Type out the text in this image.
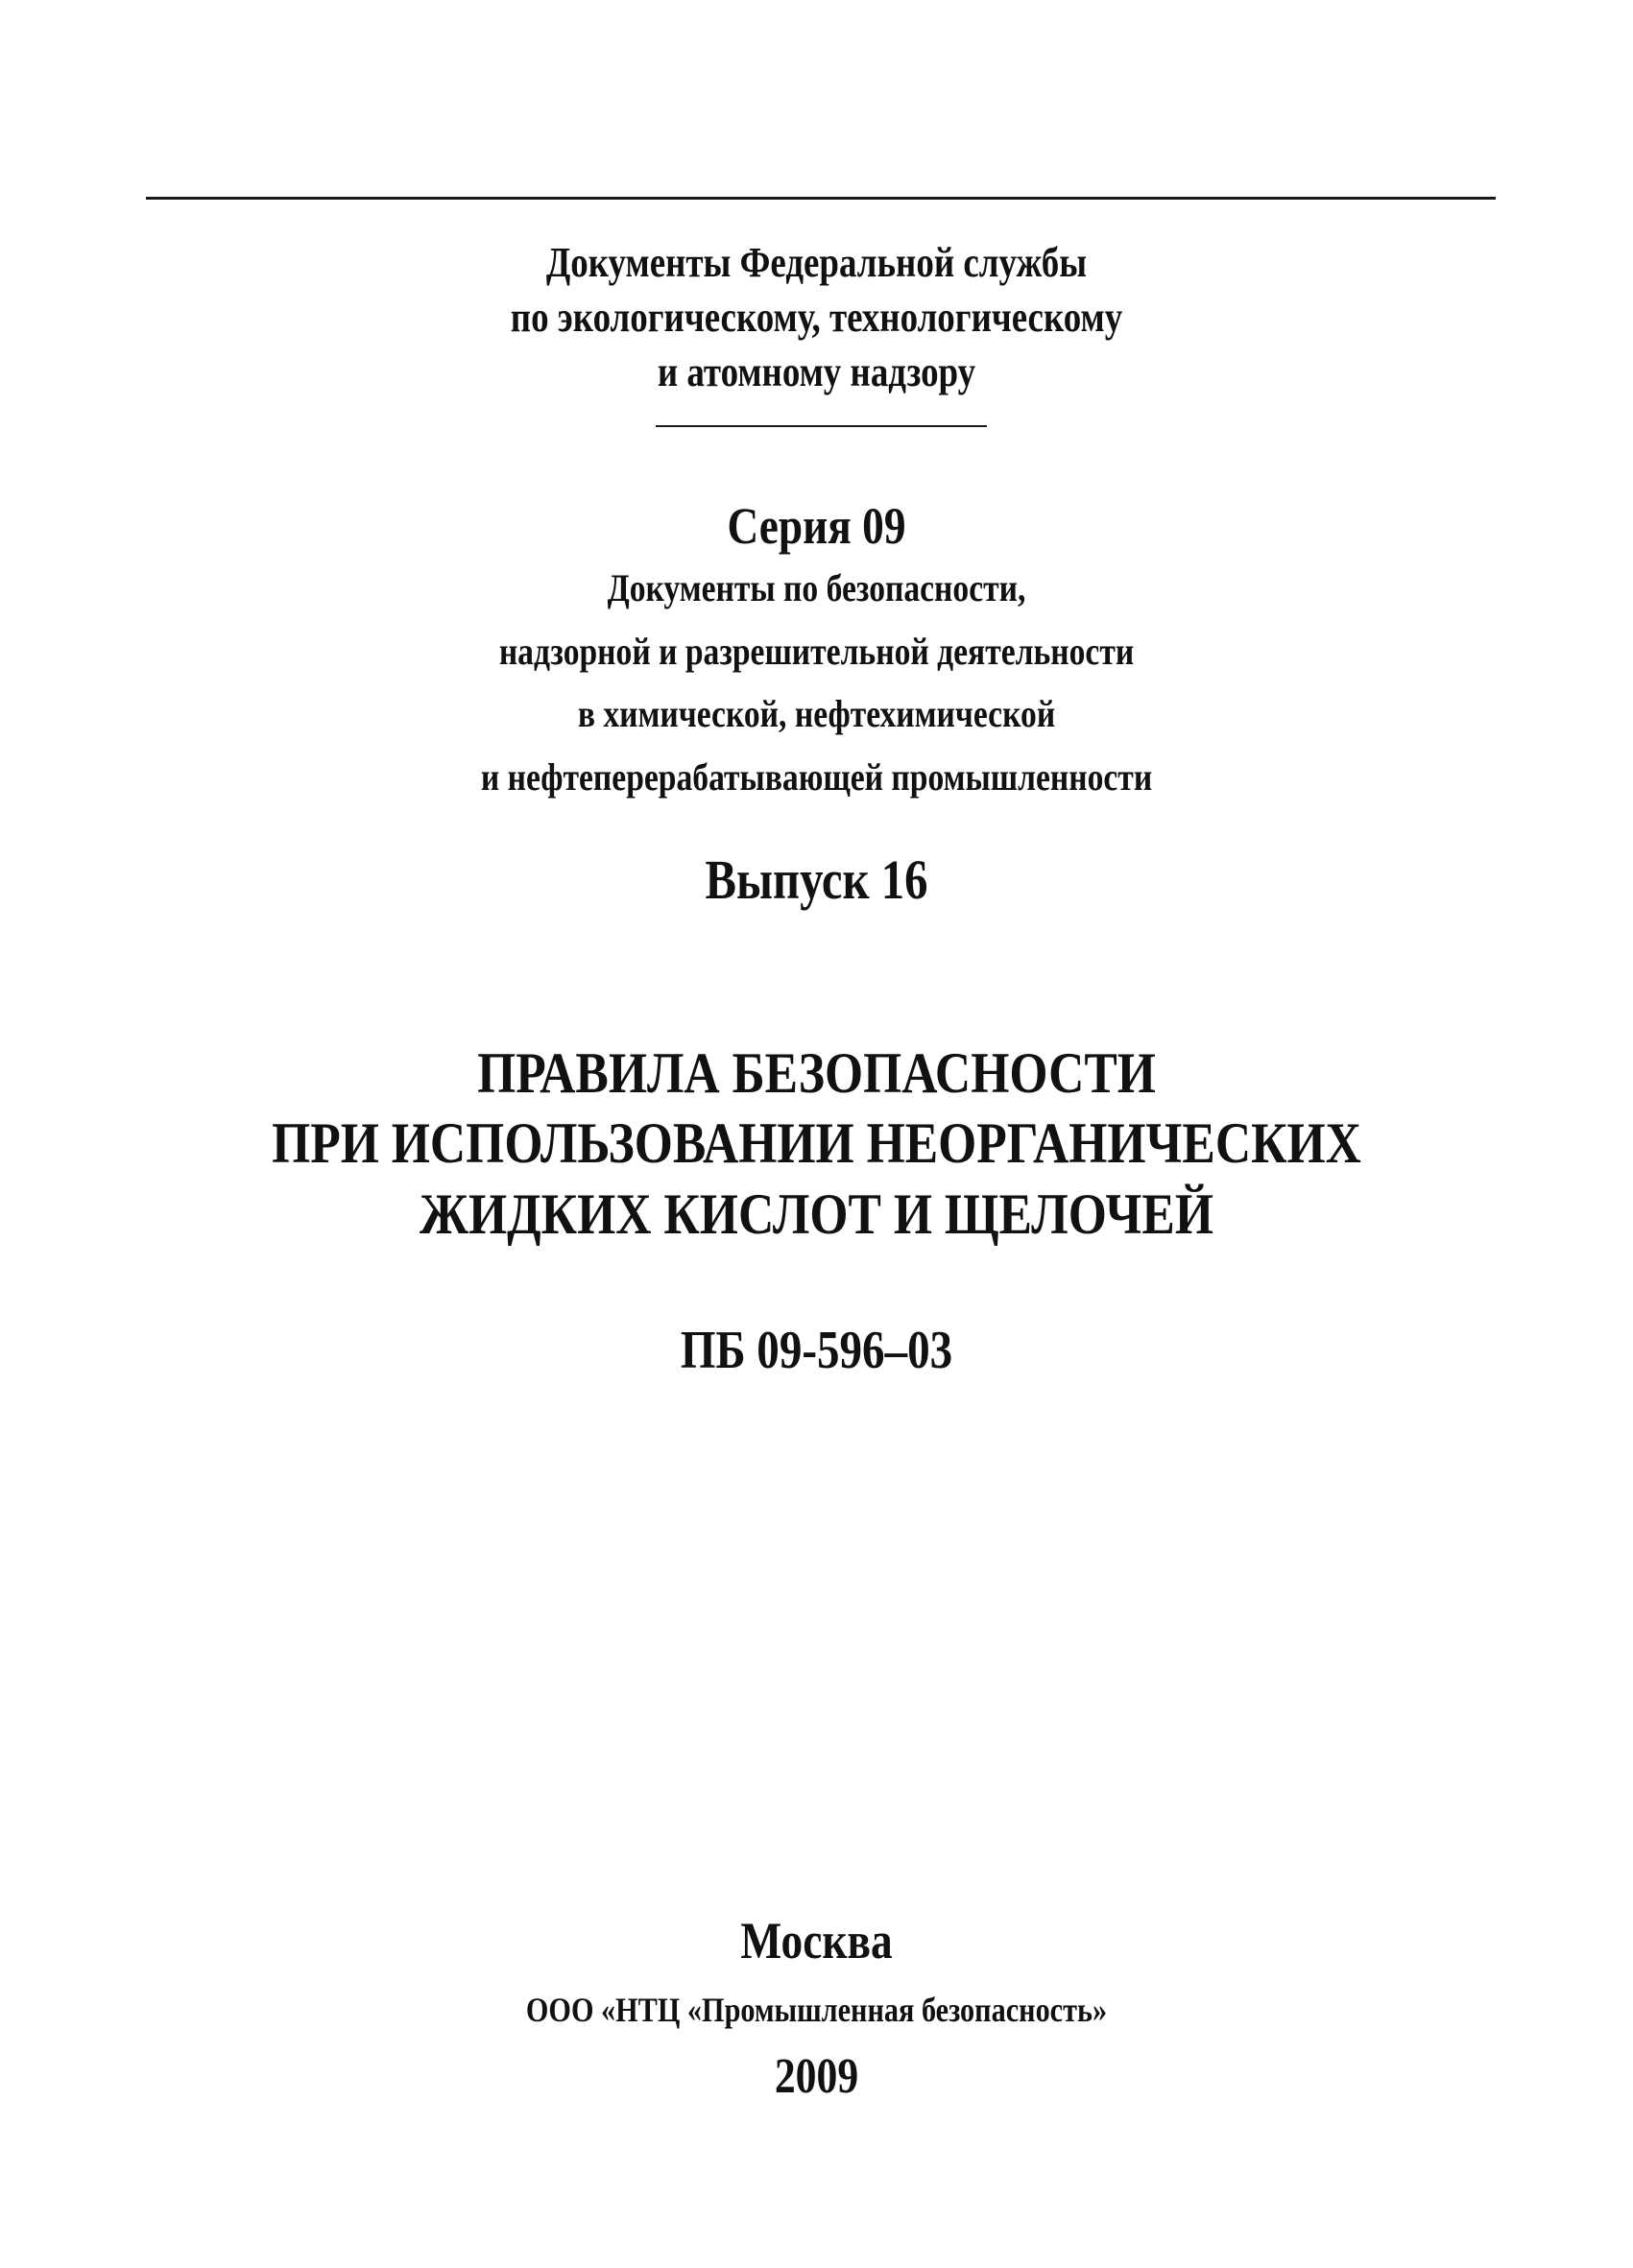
Документы Федеральной службы
по экологическому, технологическому
и атомному надзору
Серия 09
Документы по безопасности,
надзорной и разрешительной деятельности
в химической, нефтехимической
и нефтеперерабатывающей промышленности
Выпуск 16
ПРАВИЛА БЕЗОПАСНОСТИ
ПРИ ИСПОЛЬЗОВАНИИ НЕОРГАНИЧЕСКИХ
ЖИДКИХ КИСЛОТ И ЩЕЛОЧЕЙ
ПБ 09-596–03
Москва
ООО «НТЦ «Промышленная безопасность»
2009
